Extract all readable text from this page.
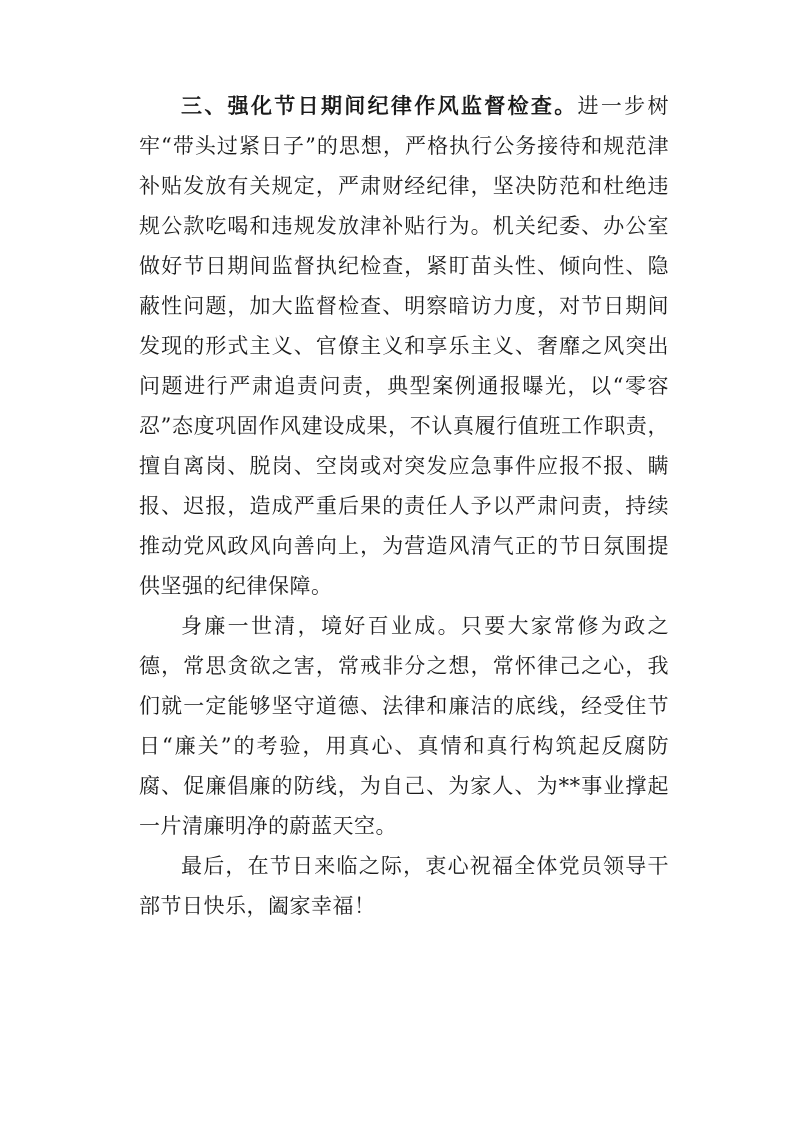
三、强化节日期间纪律作风监督检查。进一步树牢“带头过紧日子”的思想，严格执行公务接待和规范津补贴发放有关规定，严肃财经纪律，坚决防范和杜绝违规公款吃喝和违规发放津补贴行为。机关纪委、办公室做好节日期间监督执纪检查，紧盯苗头性、倾向性、隐蔽性问题，加大监督检查、明察暗访力度，对节日期间发现的形式主义、官僚主义和享乐主义、奢靡之风突出问题进行严肃追责问责，典型案例通报曝光，以“零容忍”态度巩固作风建设成果，不认真履行值班工作职责，擅自离岗、脱岗、空岗或对突发应急事件应报不报、瞒报、迟报，造成严重后果的责任人予以严肃问责，持续推动党风政风向善向上，为营造风清气正的节日氛围提供坚强的纪律保障。

身廉一世清，境好百业成。只要大家常修为政之德，常思贪欲之害，常戒非分之想，常怀律己之心，我们就一定能够坚守道德、法律和廉洁的底线，经受住节日“廉关”的考验，用真心、真情和真行构筑起反腐防腐、促廉倡廉的防线，为自己、为家人、为**事业撑起一片清廉明净的蔚蓝天空。

最后，在节日来临之际，衷心祝福全体党员领导干部节日快乐，阖家幸福！
